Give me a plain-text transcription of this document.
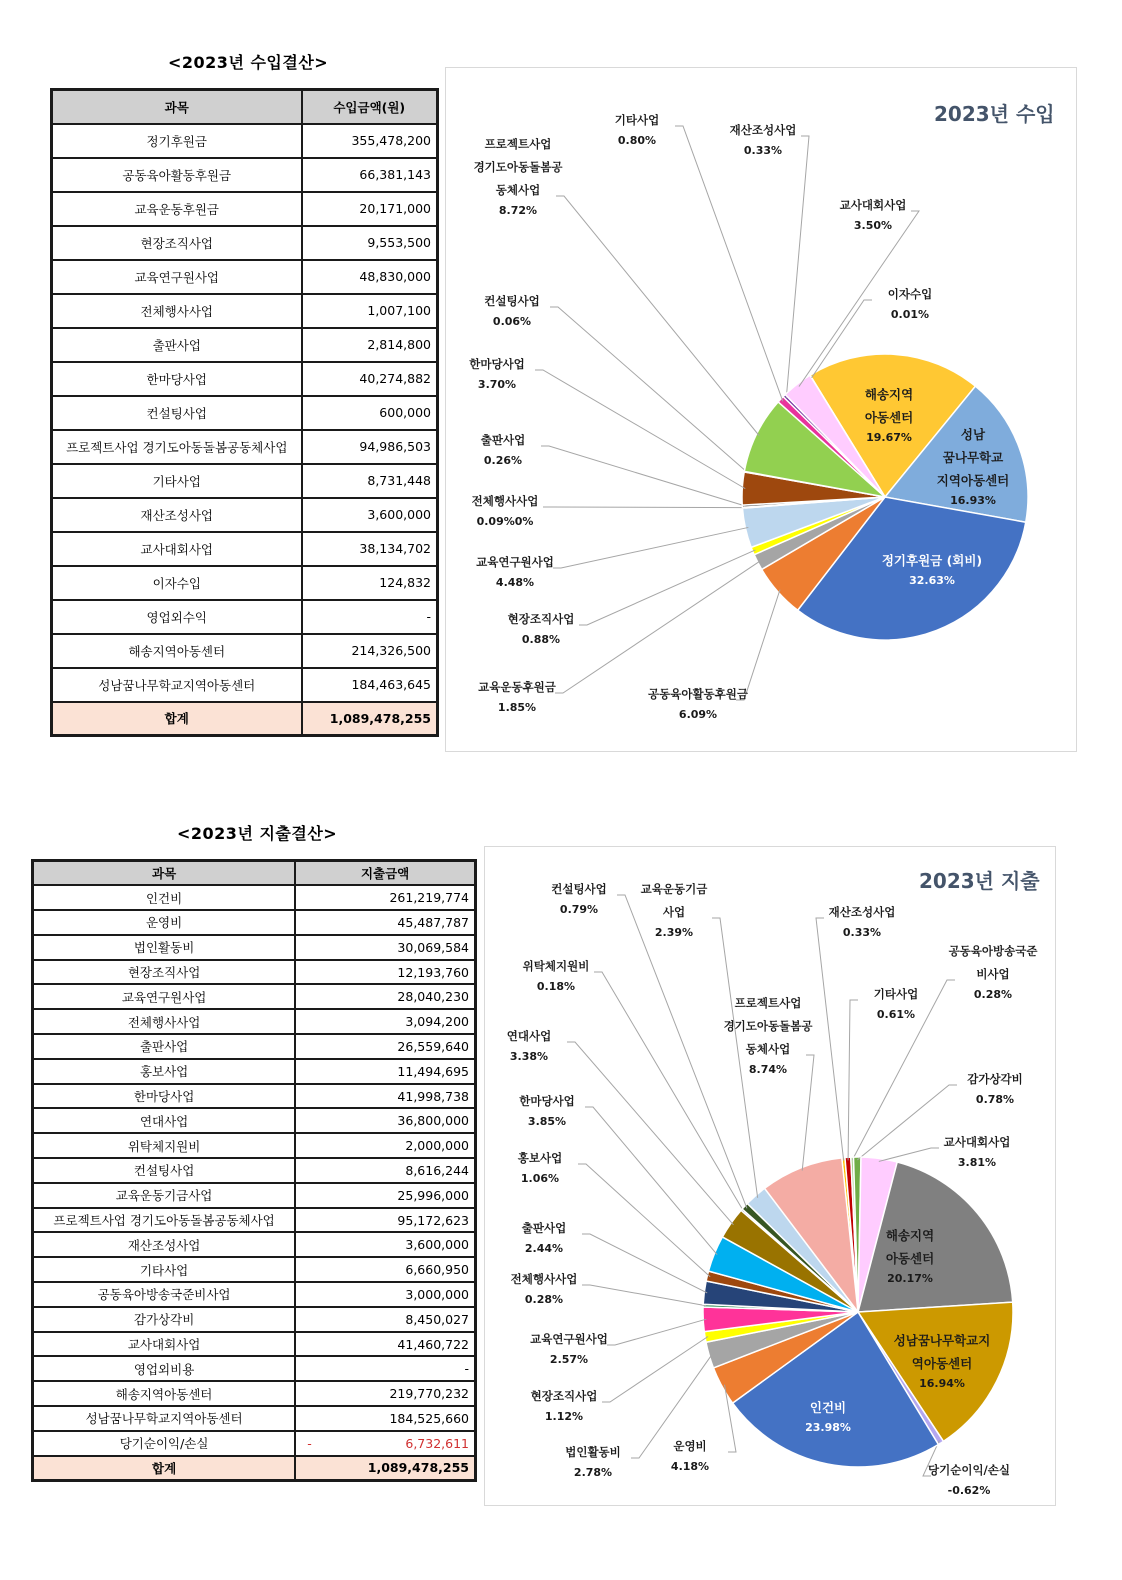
<2023년 수입결산>
과목	수입금액(원)
정기후원금	355,478,200
공동육아활동후원금	66,381,143
교육운동후원금	20,171,000
현장조직사업	9,553,500
교육연구원사업	48,830,000
전체행사사업	1,007,100
출판사업	2,814,800
한마당사업	40,274,882
컨설팅사업	600,000
프로젝트사업 경기도아동돌봄공동체사업	94,986,503
기타사업	8,731,448
재산조성사업	3,600,000
교사대회사업	38,134,702
이자수입	124,832
영업외수익	-
해송지역아동센터	214,326,500
성남꿈나무학교지역아동센터	184,463,645
합계	1,089,478,255
2023년 수입
<2023년 지출결산>
과목	지출금액
인건비	261,219,774
운영비	45,487,787
법인활동비	30,069,584
현장조직사업	12,193,760
교육연구원사업	28,040,230
전체행사사업	3,094,200
출판사업	26,559,640
홍보사업	11,494,695
한마당사업	41,998,738
연대사업	36,800,000
위탁체지원비	2,000,000
컨설팅사업	8,616,244
교육운동기금사업	25,996,000
프로젝트사업 경기도아동돌봄공동체사업	95,172,623
재산조성사업	3,600,000
기타사업	6,660,950
공동육아방송국준비사업	3,000,000
감가상각비	8,450,027
교사대회사업	41,460,722
영업외비용	-
해송지역아동센터	219,770,232
성남꿈나무학교지역아동센터	184,525,660
당기순이익/손실	- 6,732,611
합계	1,089,478,255
2023년 지출
해송지역
아동센터
19.67%	성남
꿈나무학교
지역아동센터
16.93%
정기후원금 (회비)
32.63%
공동육아활동후원금
6.09%
교육운동후원금
1.85%
현장조직사업
0.88%
교육연구원사업
4.48%
전체행사사업
0.09%0%
출판사업
0.26%
한마당사업
3.70%
컨설팅사업
0.06%
프로젝트사업
경기도아동돌봄공
동체사업
8.72%
기타사업
0.80%
재산조성사업
0.33%
교사대회사업
3.50%
이자수입
0.01%
재산조성사업
0.33%
기타사업
0.61%
공동육아방송국준
비사업
0.28%
감가상각비
0.78%
교사대회사업
3.81%
해송지역
아동센터
20.17%
성남꿈나무학교지
역아동센터
16.94%
당기순이익/손실
-0.62%
인건비
23.98%
운영비
4.18%
법인활동비
2.78%
현장조직사업
1.12%
교육연구원사업
2.57%
전체행사사업
0.28%
출판사업
2.44%
홍보사업
1.06%
한마당사업
3.85%
연대사업
3.38%
위탁체지원비
0.18%
컨설팅사업
0.79%
교육운동기금
사업
2.39%
프로젝트사업
경기도아동돌봄공
동체사업
8.74%
